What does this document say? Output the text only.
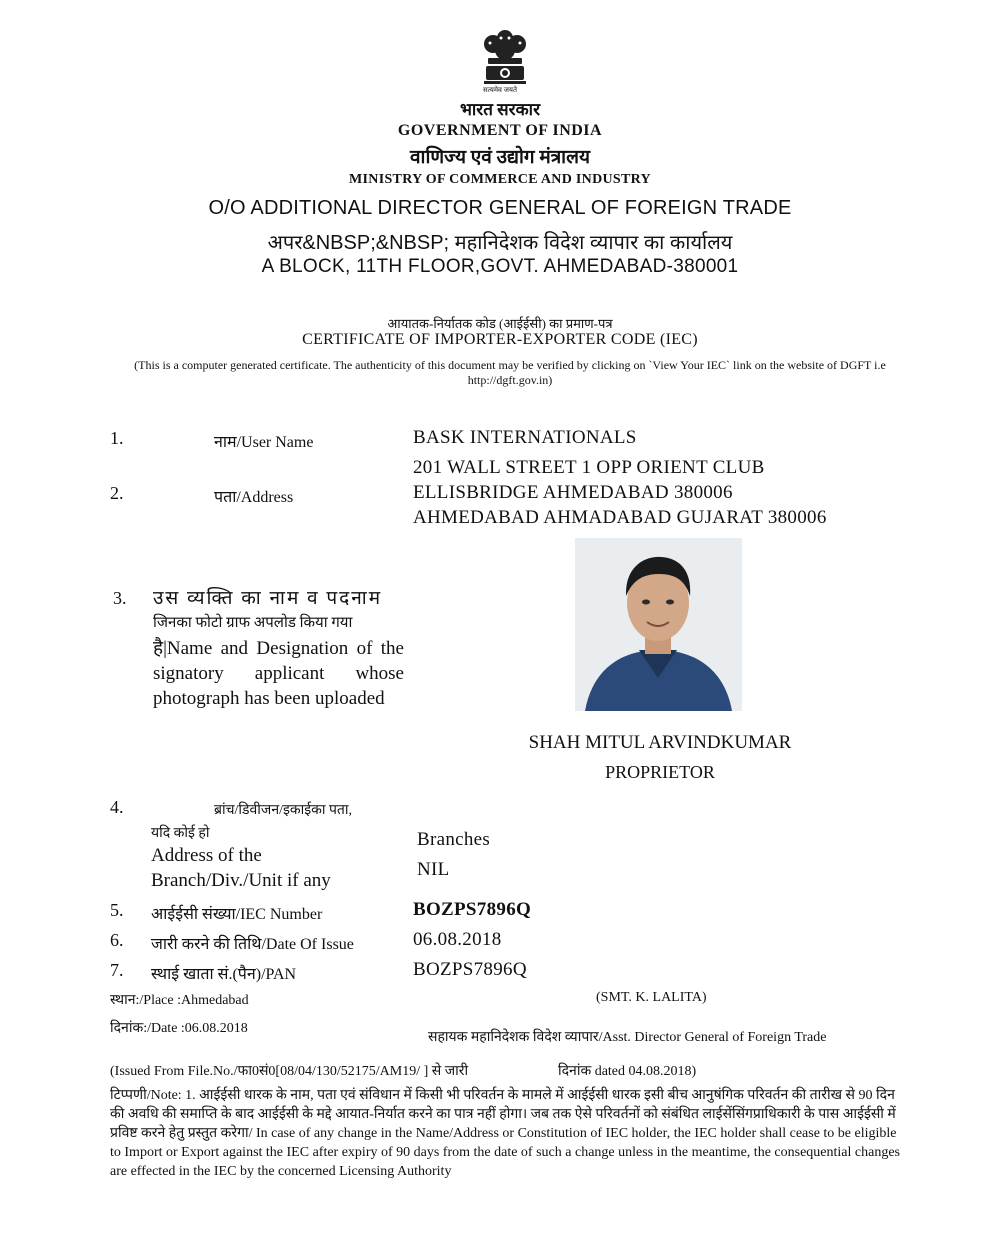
सत्यमेव जयते
भारत सरकार
GOVERNMENT OF INDIA
वाणिज्य एवं उद्योग मंत्रालय
MINISTRY OF COMMERCE AND INDUSTRY
O/O ADDITIONAL DIRECTOR GENERAL OF FOREIGN TRADE
अपर&NBSP;&NBSP; महानिदेशक विदेश व्यापार का कार्यालय
A BLOCK, 11TH FLOOR,GOVT. AHMEDABAD-380001
आयातक-निर्यातक कोड (आईईसी) का प्रमाण-पत्र
CERTIFICATE OF IMPORTER-EXPORTER CODE (IEC)
(This is a computer generated certificate. The authenticity of this document may be verified by clicking on `View Your IEC` link on the website of DGFT i.e http://dgft.gov.in)
1.	नाम/User Name	BASK INTERNATIONALS
2.	पता/Address
201 WALL STREET 1 OPP ORIENT CLUB
ELLISBRIDGE AHMEDABAD 380006
AHMEDABAD AHMADABAD GUJARAT 380006
3. उस व्यक्ति का नाम व पदनाम
जिनका फोटो ग्राफ अपलोड किया गया
है|Name and Designation of the signatory applicant whose photograph has been uploaded
SHAH MITUL ARVINDKUMAR
PROPRIETOR
4.	ब्रांच/डिवीजन/इकाईका पता,
यदि कोई हो
Address of the
Branch/Div./Unit if any
Branches
NIL
5. आईईसी संख्या/IEC Number	BOZPS7896Q
6. जारी करने की तिथि/Date Of Issue	06.08.2018
7. स्थाई खाता सं.(पैन)/PAN	BOZPS7896Q
स्थान:/Place :Ahmedabad	(SMT. K. LALITA)
दिनांक:/Date :06.08.2018
सहायक महानिदेशक विदेश व्यापार/Asst. Director General of Foreign Trade
(Issued From File.No./फा0सं0[08/04/130/52175/AM19/ ] से जारी	दिनांक dated 04.08.2018)
टिप्पणी/Note: 1. आईईसी धारक के नाम, पता एवं संविधान में किसी भी परिवर्तन के मामले में आईईसी धारक इसी बीच आनुषंगिक परिवर्तन की तारीख से 90 दिन की अवधि की समाप्ति के बाद आईईसी के मद्दे आयात-निर्यात करने का पात्र नहीं होगा। जब तक ऐसे परिवर्तनों को संबंधित लाईसेंसिंगप्राधिकारी के पास आईईसी में प्रविष्ट करने हेतु प्रस्तुत करेगा/ In case of any change in the Name/Address or Constitution of IEC holder, the IEC holder shall cease to be eligible to Import or Export against the IEC after expiry of 90 days from the date of such a change unless in the meantime, the consequential changes are effected in the IEC by the concerned Licensing Authority
